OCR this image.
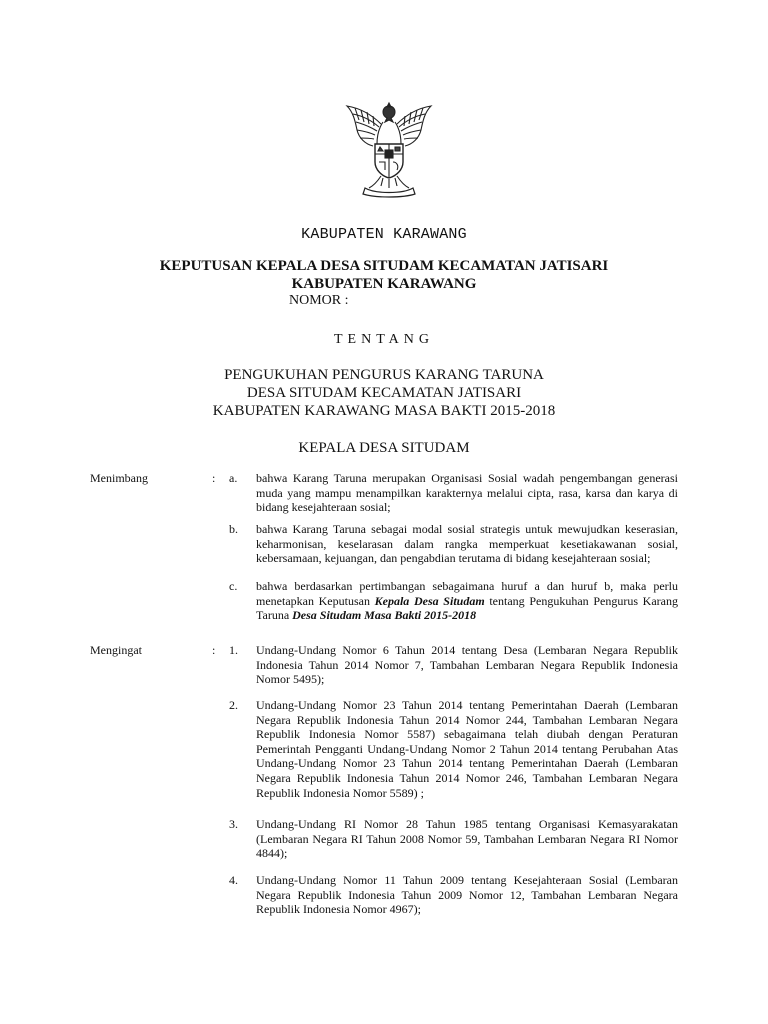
KABUPATEN KARAWANG
KEPUTUSAN KEPALA DESA SITUDAM KECAMATAN JATISARI
KABUPATEN KARAWANG
NOMOR :
TENTANG
PENGUKUHAN PENGURUS KARANG TARUNA
DESA SITUDAM KECAMATAN JATISARI
KABUPATEN KARAWANG MASA BAKTI 2015-2018
KEPALA DESA SITUDAM
Menimbang	: a. bahwa Karang Taruna merupakan Organisasi Sosial wadah pengembangan generasi muda yang mampu menampilkan karakternya melalui cipta, rasa, karsa dan karya di bidang kesejahteraan sosial;
b. bahwa Karang Taruna sebagai modal sosial strategis untuk mewujudkan keserasian, keharmonisan, keselarasan dalam rangka memperkuat kesetiakawanan sosial, kebersamaan, kejuangan, dan pengabdian terutama di bidang kesejahteraan sosial;
c. bahwa berdasarkan pertimbangan sebagaimana huruf a dan huruf b, maka perlu menetapkan Keputusan Kepala Desa Situdam tentang Pengukuhan Pengurus Karang Taruna Desa Situdam Masa Bakti 2015-2018
Mengingat	: 1. Undang-Undang Nomor 6 Tahun 2014 tentang Desa (Lembaran Negara Republik Indonesia Tahun 2014 Nomor 7, Tambahan Lembaran Negara Republik Indonesia Nomor 5495);
2. Undang-Undang Nomor 23 Tahun 2014 tentang Pemerintahan Daerah (Lembaran Negara Republik Indonesia Tahun 2014 Nomor 244, Tambahan Lembaran Negara Republik Indonesia Nomor 5587) sebagaimana telah diubah dengan Peraturan Pemerintah Pengganti Undang-Undang Nomor 2 Tahun 2014 tentang Perubahan Atas Undang-Undang Nomor 23 Tahun 2014 tentang Pemerintahan Daerah (Lembaran Negara Republik Indonesia Tahun 2014 Nomor 246, Tambahan Lembaran Negara Republik Indonesia Nomor 5589) ;
3. Undang-Undang RI Nomor 28 Tahun 1985 tentang Organisasi Kemasyarakatan (Lembaran Negara RI Tahun 2008 Nomor 59, Tambahan Lembaran Negara RI Nomor 4844);
4. Undang-Undang Nomor 11 Tahun 2009 tentang Kesejahteraan Sosial (Lembaran Negara Republik Indonesia Tahun 2009 Nomor 12, Tambahan Lembaran Negara Republik Indonesia Nomor 4967);
